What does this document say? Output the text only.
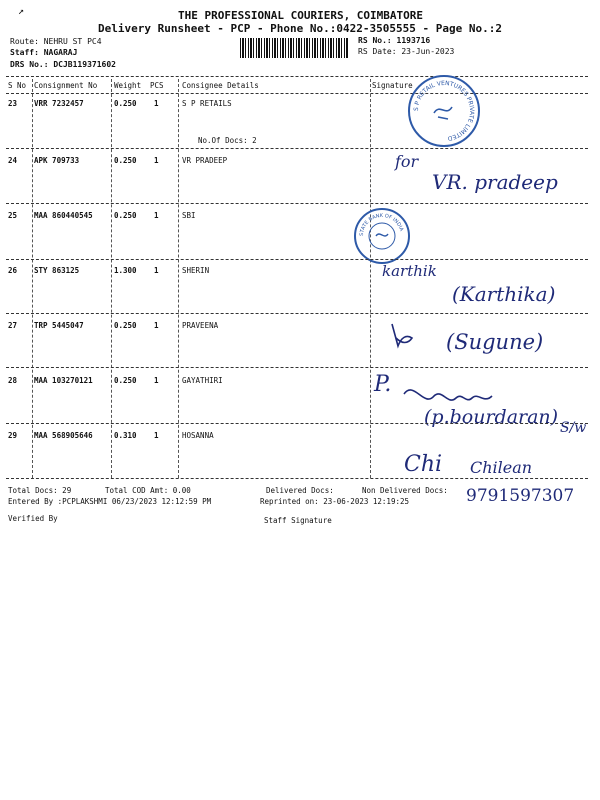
↗	THE PROFESSIONAL COURIERS, COIMBATORE
Delivery Runsheet - PCP - Phone No.:0422-3505555 - Page No.:2
Route: NEHRU ST PC4
Staff: NAGARAJ
DRS No.: DCJB119371602
RS No.: 1193716
RS Date: 23-Jun-2023
S No Consignment No Weight PCS Consignee Details	Signature
23 VRR 7232457	0.250 1	S P RETAILS
No.Of Docs: 2
S P RETAIL VENTURES PRIVATE LIMITED
24 APK 709733	0.250 1	VR PRADEEP	for
VR. pradeep
25 MAA 860440545	0.250 1	SBI
STATE BANK OF INDIA
26 STY 863125	1.300 1	SHERIN	karthik
(Karthika)
27 TRP 5445047	0.250 1	PRAVEENA
(Sugune)
28 MAA 103270121	0.250 1	GAYATHIRI	P.
(p.bourdaran) S/w
29 MAA 568905646	0.310 1	HOSANNA
Chi Chilean
Total Docs: 29	Total COD Amt: 0.00	Delivered Docs:	Non Delivered Docs:
Entered By :PCPLAKSHMI 06/23/2023 12:12:59 PM	Reprinted on: 23-06-2023 12:19:25	9791597307
Verified By	Staff Signature
